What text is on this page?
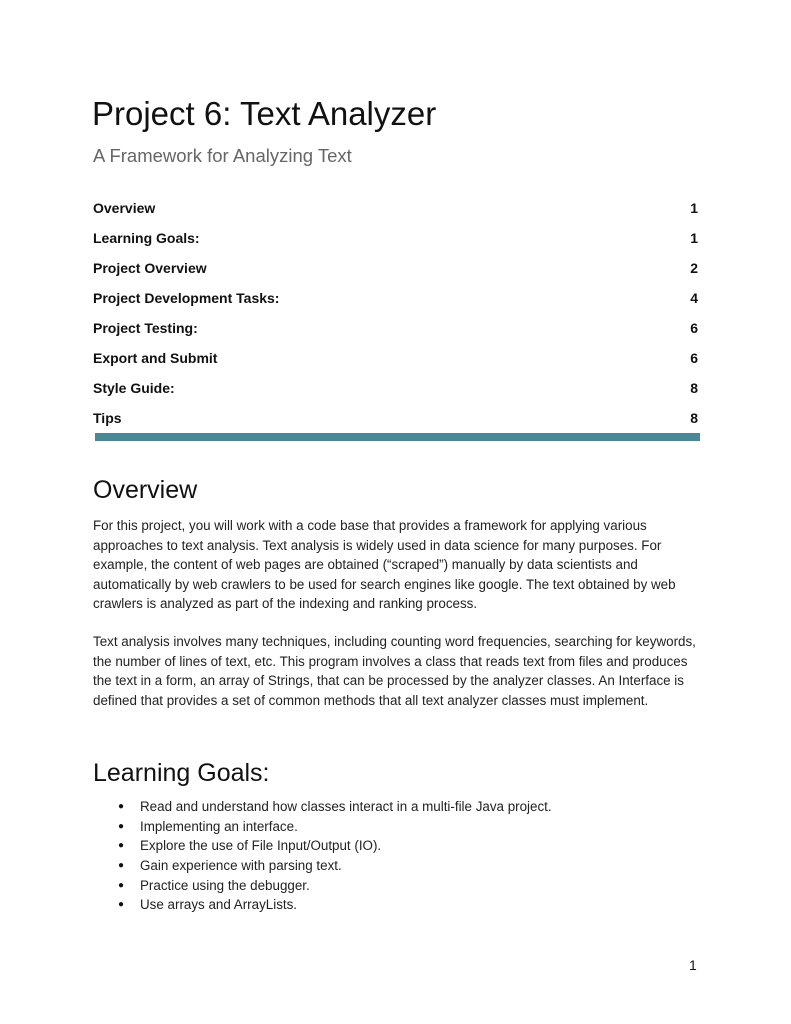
Project 6: Text Analyzer

A Framework for Analyzing Text

Overview	1
Learning Goals:	1
Project Overview	2
Project Development Tasks:	4
Project Testing:	6
Export and Submit	6
Style Guide:	8
Tips	8
Overview

For this project, you will work with a code base that provides a framework for applying various approaches to text analysis. Text analysis is widely used in data science for many purposes. For example, the content of web pages are obtained (“scraped”) manually by data scientists and automatically by web crawlers to be used for search engines like google. The text obtained by web crawlers is analyzed as part of the indexing and ranking process.

Text analysis involves many techniques, including counting word frequencies, searching for keywords, the number of lines of text, etc. This program involves a class that reads text from files and produces the text in a form, an array of Strings, that can be processed by the analyzer classes. An Interface is defined that provides a set of common methods that all text analyzer classes must implement.

Learning Goals:
●	Read and understand how classes interact in a multi-file Java project.
●	Implementing an interface.
●	Explore the use of File Input/Output (IO).
●	Gain experience with parsing text.
●	Practice using the debugger.
●	Use arrays and ArrayLists.
1
